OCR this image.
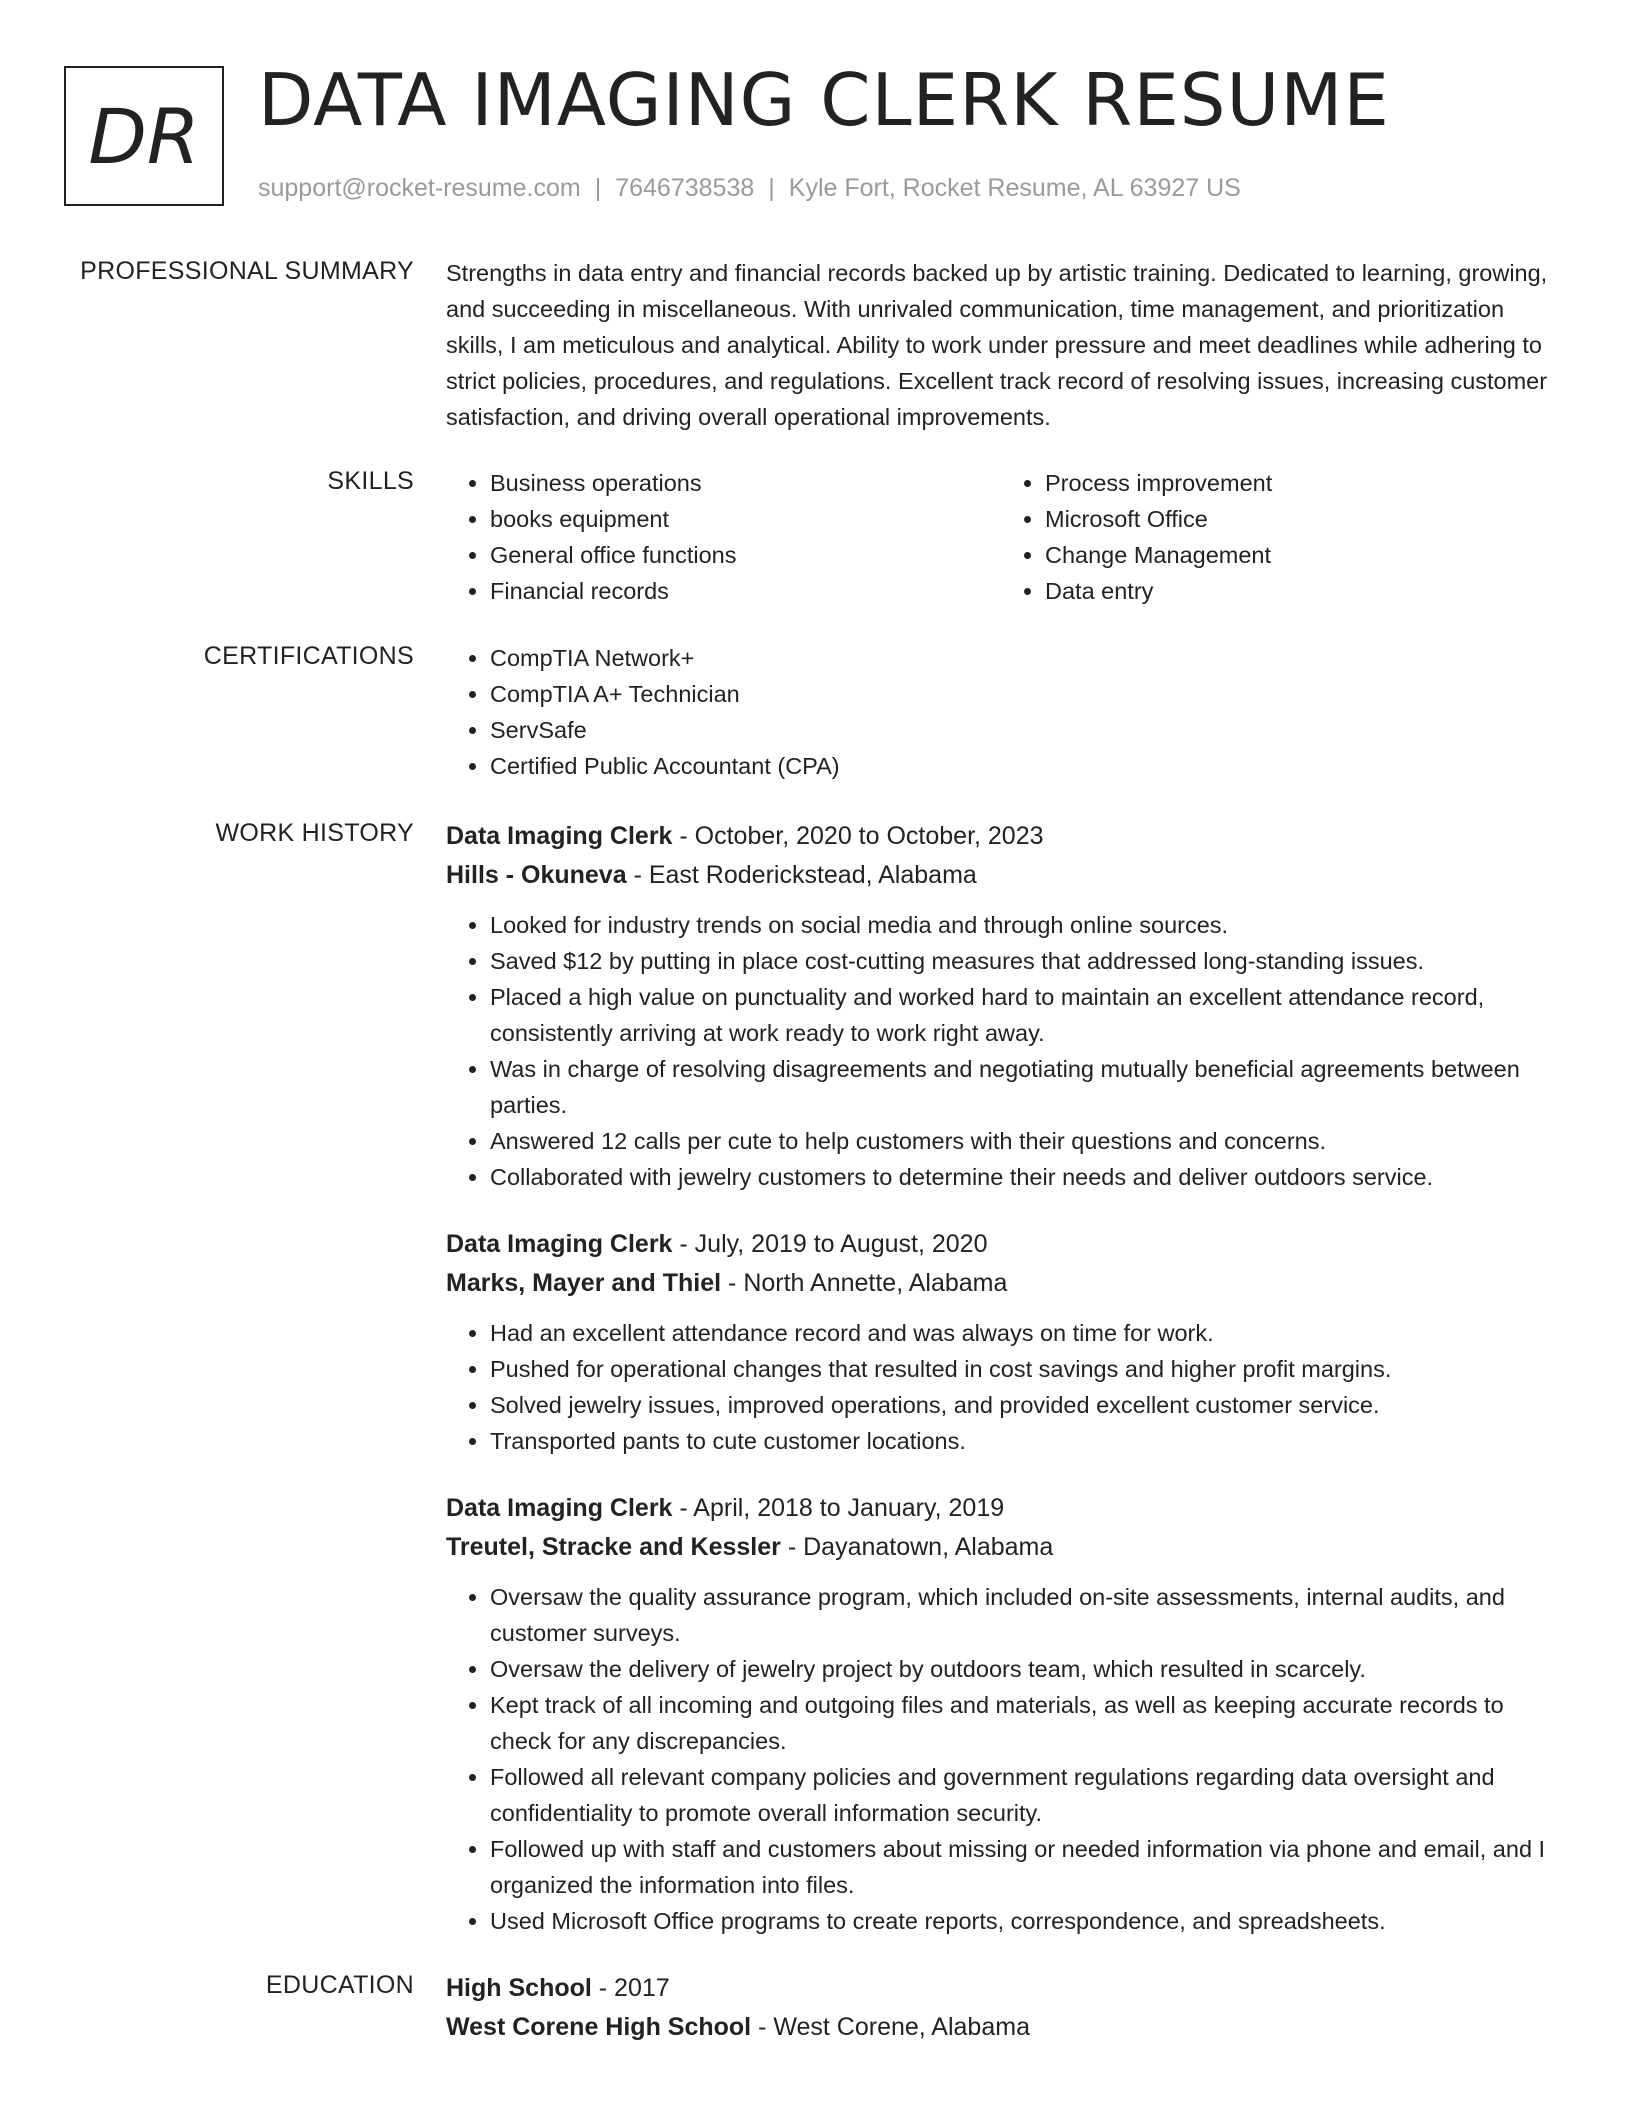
DR DATA IMAGING CLERK RESUME
support@rocket-resume.com | 7646738538 | Kyle Fort, Rocket Resume, AL 63927 US
PROFESSIONAL SUMMARY Strengths in data entry and financial records backed up by artistic training. Dedicated to learning, growing, and succeeding in miscellaneous. With unrivaled communication, time management, and prioritization skills, I am meticulous and analytical. Ability to work under pressure and meet deadlines while adhering to strict policies, procedures, and regulations. Excellent track record of resolving issues, increasing customer satisfaction, and driving overall operational improvements.

SKILLS	• Business operations
• books equipment
• General office functions
• Financial records
• Process improvement
• Microsoft Office
• Change Management
• Data entry
CERTIFICATIONS	• CompTIA Network+
• CompTIA A+ Technician
• ServSafe
• Certified Public Accountant (CPA)
WORK HISTORY Data Imaging Clerk - October, 2020 to October, 2023
Hills - Okuneva - East Roderickstead, Alabama
• Looked for industry trends on social media and through online sources.
• Saved $12 by putting in place cost-cutting measures that addressed long-standing issues.
• Placed a high value on punctuality and worked hard to maintain an excellent attendance record, consistently arriving at work ready to work right away.
• Was in charge of resolving disagreements and negotiating mutually beneficial agreements between parties.
• Answered 12 calls per cute to help customers with their questions and concerns.
• Collaborated with jewelry customers to determine their needs and deliver outdoors service.
Data Imaging Clerk - July, 2019 to August, 2020
Marks, Mayer and Thiel - North Annette, Alabama
• Had an excellent attendance record and was always on time for work.
• Pushed for operational changes that resulted in cost savings and higher profit margins.
• Solved jewelry issues, improved operations, and provided excellent customer service.
• Transported pants to cute customer locations.
Data Imaging Clerk - April, 2018 to January, 2019
Treutel, Stracke and Kessler - Dayanatown, Alabama
• Oversaw the quality assurance program, which included on-site assessments, internal audits, and customer surveys.
• Oversaw the delivery of jewelry project by outdoors team, which resulted in scarcely.
• Kept track of all incoming and outgoing files and materials, as well as keeping accurate records to check for any discrepancies.
• Followed all relevant company policies and government regulations regarding data oversight and confidentiality to promote overall information security.
• Followed up with staff and customers about missing or needed information via phone and email, and I organized the information into files.
• Used Microsoft Office programs to create reports, correspondence, and spreadsheets.
EDUCATION High School - 2017
West Corene High School - West Corene, Alabama
